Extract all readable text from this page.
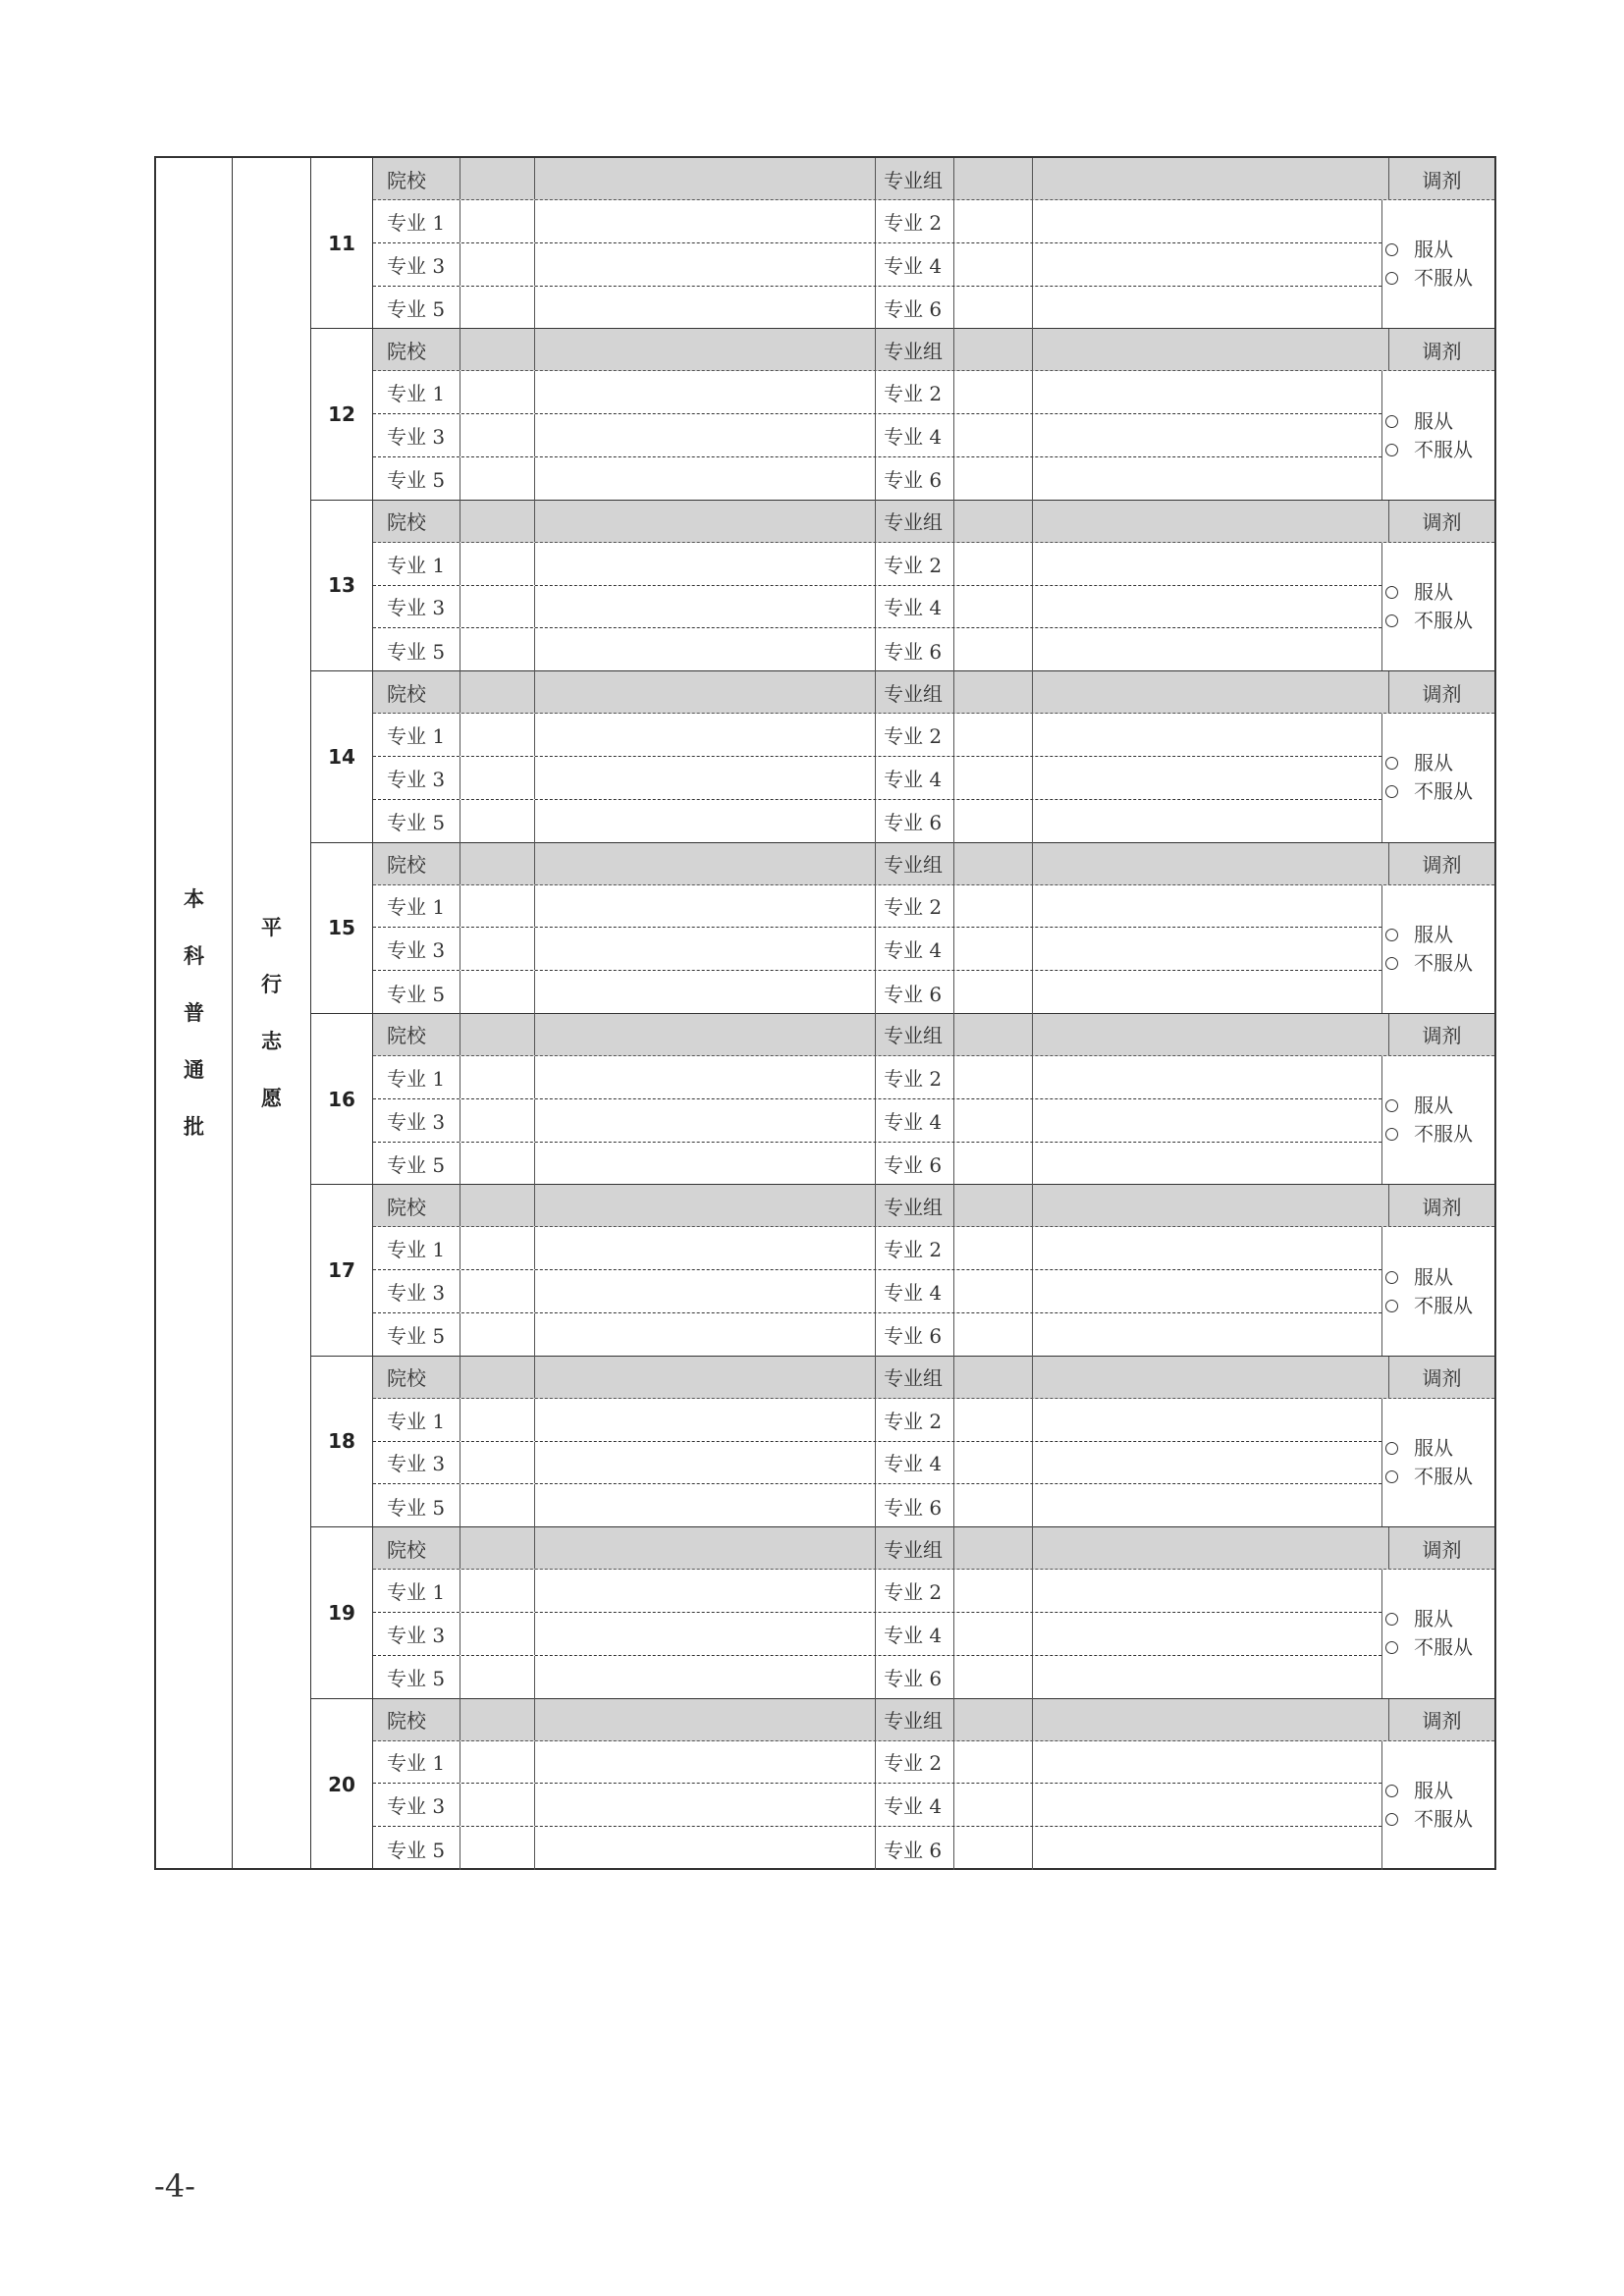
本
科
普
通
批
平
行
志
愿
11
院校	专业组	调剂
专业 1	专业 2
专业 3	专业 4
专业 5	专业 6
服从
不服从
12
院校	专业组	调剂
专业 1	专业 2
专业 3	专业 4
专业 5	专业 6
服从
不服从
13
院校	专业组	调剂
专业 1	专业 2
专业 3	专业 4
专业 5	专业 6
服从
不服从
14
院校	专业组	调剂
专业 1	专业 2
专业 3	专业 4
专业 5	专业 6
服从
不服从
15
院校	专业组	调剂
专业 1	专业 2
专业 3	专业 4
专业 5	专业 6
服从
不服从
16
院校	专业组	调剂
专业 1	专业 2
专业 3	专业 4
专业 5	专业 6
服从
不服从
17
院校	专业组	调剂
专业 1	专业 2
专业 3	专业 4
专业 5	专业 6
服从
不服从
18
院校	专业组	调剂
专业 1	专业 2
专业 3	专业 4
专业 5	专业 6
服从
不服从
19
院校	专业组	调剂
专业 1	专业 2
专业 3	专业 4
专业 5	专业 6
服从
不服从
20
院校	专业组	调剂
专业 1	专业 2
专业 3	专业 4
专业 5	专业 6
服从
不服从
-4-
